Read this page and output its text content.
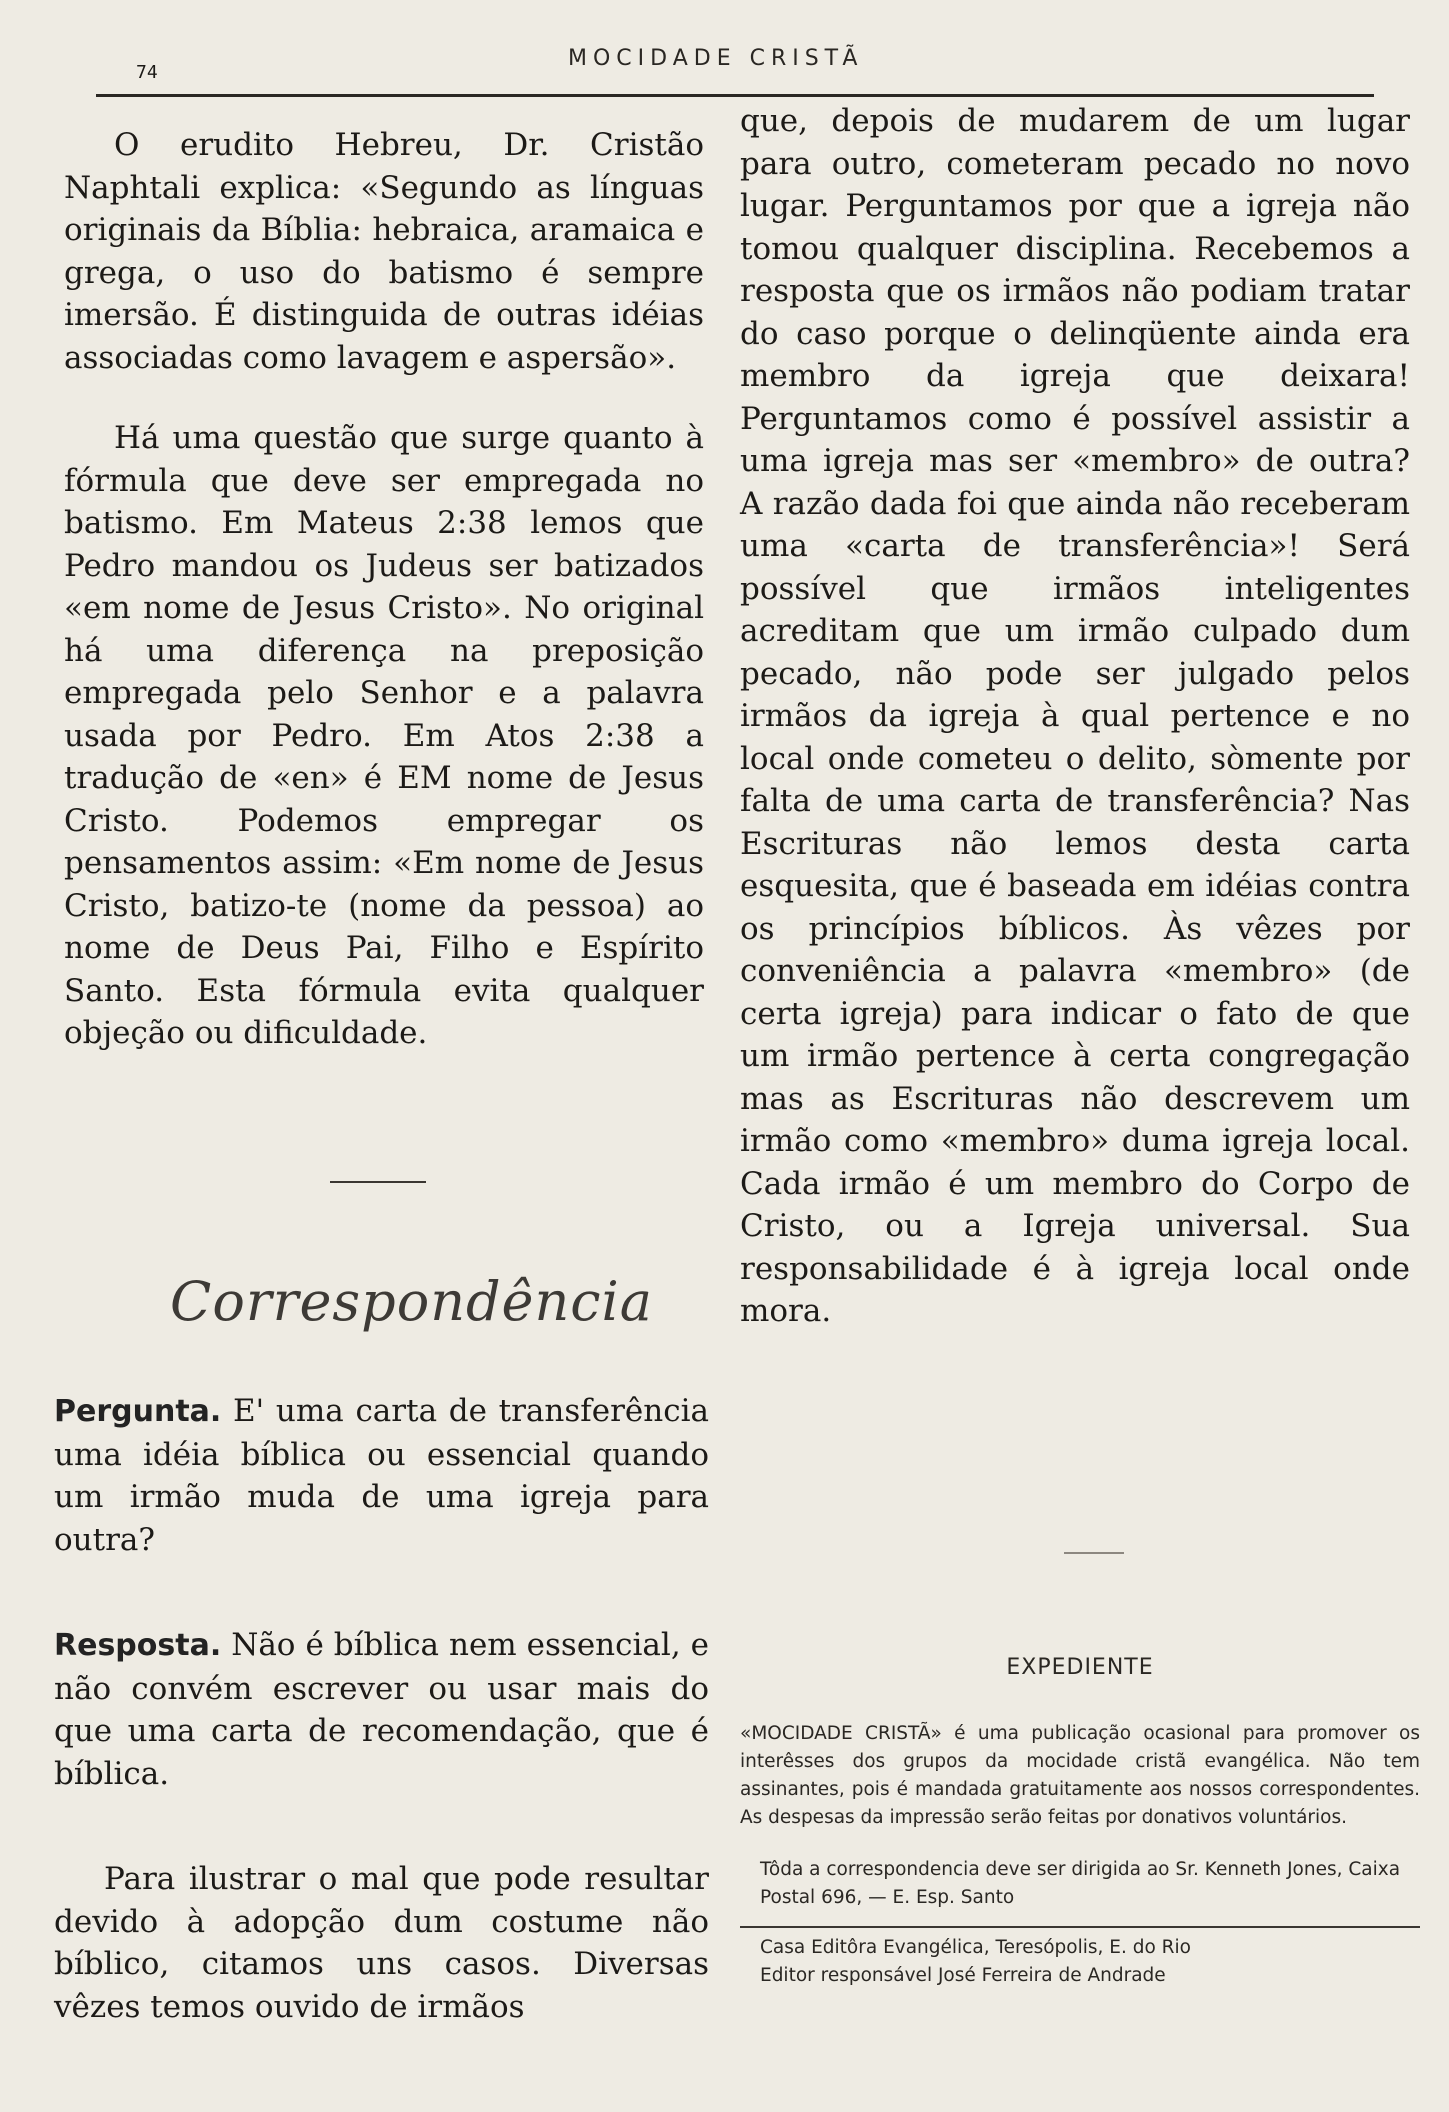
74
MOCIDADE CRISTÃ

O erudito Hebreu, Dr. Cristão Naphtali explica: «Segundo as línguas originais da Bíblia: hebraica, aramaica e grega, o uso do batismo é sempre imersão. É distinguida de outras idéias associadas como lavagem e aspersão».

Há uma questão que surge quanto à fórmula que deve ser empregada no batismo. Em Mateus 2:38 lemos que Pedro mandou os Judeus ser batizados «em nome de Jesus Cristo». No original há uma diferença na preposição empregada pelo Senhor e a palavra usada por Pedro. Em Atos 2:38 a tradução de «en» é EM nome de Jesus Cristo. Podemos empregar os pensamentos assim: «Em nome de Jesus Cristo, batizo-te (nome da pessoa) ao nome de Deus Pai, Filho e Espírito Santo. Esta fórmula evita qualquer objeção ou dificuldade.

Correspondência

Pergunta. E' uma carta de transferência uma idéia bíblica ou essencial quando um irmão muda de uma igreja para outra?

Resposta. Não é bíblica nem essencial, e não convém escrever ou usar mais do que uma carta de recomendação, que é bíblica.

Para ilustrar o mal que pode resultar devido à adopção dum costume não bíblico, citamos uns casos. Diversas vêzes temos ouvido de irmãos

que, depois de mudarem de um lugar para outro, cometeram pecado no novo lugar. Perguntamos por que a igreja não tomou qualquer disciplina. Recebemos a resposta que os irmãos não podiam tratar do caso porque o delinqüente ainda era membro da igreja que deixara! Perguntamos como é possível assistir a uma igreja mas ser «membro» de outra? A razão dada foi que ainda não receberam uma «carta de transferência»! Será possível que irmãos inteligentes acreditam que um irmão culpado dum pecado, não pode ser julgado pelos irmãos da igreja à qual pertence e no local onde cometeu o delito, sòmente por falta de uma carta de transferência? Nas Escrituras não lemos desta carta esquesita, que é baseada em idéias contra os princípios bíblicos. Às vêzes por conveniência a palavra «membro» (de certa igreja) para indicar o fato de que um irmão pertence à certa congregação mas as Escrituras não descrevem um irmão como «membro» duma igreja local. Cada irmão é um membro do Corpo de Cristo, ou a Igreja universal. Sua responsabilidade é à igreja local onde mora.

EXPEDIENTE
«MOCIDADE CRISTÃ» é uma publicação ocasional para promover os interêsses dos grupos da mocidade cristã evangélica. Não tem assinantes, pois é mandada gratuitamente aos nossos correspondentes. As despesas da impressão serão feitas por donativos voluntários.
Tôda a correspondencia deve ser dirigida ao Sr. Kenneth Jones, Caixa Postal 696, — E. Esp. Santo
Casa Editôra Evangélica, Teresópolis, E. do Rio
Editor responsável José Ferreira de Andrade
